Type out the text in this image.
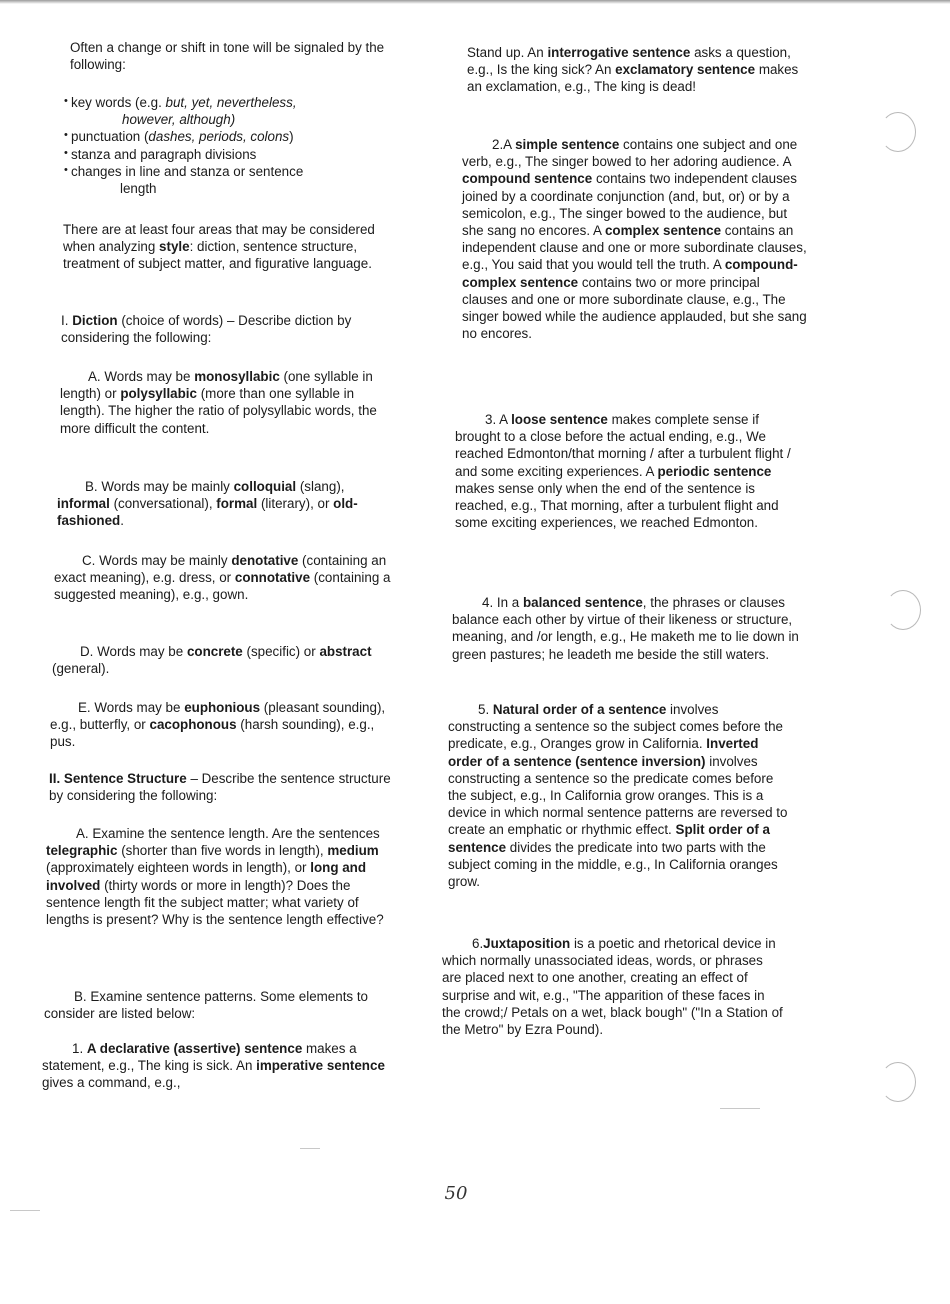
Often a change or shift in tone will be signaled by the following:

• key words (e.g. but, yet, nevertheless,
however, although)
• punctuation (dashes, periods, colons)
• stanza and paragraph divisions
• changes in line and stanza or sentence
length

There are at least four areas that may be considered when analyzing style: diction, sentence structure, treatment of subject matter, and figurative language.

I. Diction (choice of words) – Describe diction by considering the following:

A. Words may be monosyllabic (one syllable in length) or polysyllabic (more than one syllable in length). The higher the ratio of polysyllabic words, the more difficult the content.

B. Words may be mainly colloquial (slang), informal (conversational), formal (literary), or old-fashioned.

C. Words may be mainly denotative (containing an exact meaning), e.g. dress, or connotative (containing a suggested meaning), e.g., gown.

D. Words may be concrete (specific) or abstract (general).

E. Words may be euphonious (pleasant sounding), e.g., butterfly, or cacophonous (harsh sounding), e.g., pus.

II. Sentence Structure – Describe the sentence structure by considering the following:

A. Examine the sentence length. Are the sentences telegraphic (shorter than five words in length), medium (approximately eighteen words in length), or long and involved (thirty words or more in length)? Does the sentence length fit the subject matter; what variety of lengths is present? Why is the sentence length effective?

B. Examine sentence patterns. Some elements to consider are listed below:

1. A declarative (assertive) sentence makes a statement, e.g., The king is sick. An imperative sentence gives a command, e.g.,

Stand up. An interrogative sentence asks a question, e.g., Is the king sick? An exclamatory sentence makes an exclamation, e.g., The king is dead!

2.A simple sentence contains one subject and one verb, e.g., The singer bowed to her adoring audience. A compound sentence contains two independent clauses joined by a coordinate conjunction (and, but, or) or by a semicolon, e.g., The singer bowed to the audience, but she sang no encores. A complex sentence contains an independent clause and one or more subordinate clauses, e.g., You said that you would tell the truth. A compound-complex sentence contains two or more principal clauses and one or more subordinate clause, e.g., The singer bowed while the audience applauded, but she sang no encores.

3. A loose sentence makes complete sense if brought to a close before the actual ending, e.g., We reached Edmonton/that morning / after a turbulent flight / and some exciting experiences. A periodic sentence makes sense only when the end of the sentence is reached, e.g., That morning, after a turbulent flight and some exciting experiences, we reached Edmonton.

4. In a balanced sentence, the phrases or clauses balance each other by virtue of their likeness or structure, meaning, and /or length, e.g., He maketh me to lie down in green pastures; he leadeth me beside the still waters.

5. Natural order of a sentence involves constructing a sentence so the subject comes before the predicate, e.g., Oranges grow in California. Inverted order of a sentence (sentence inversion) involves constructing a sentence so the predicate comes before the subject, e.g., In California grow oranges. This is a device in which normal sentence patterns are reversed to create an emphatic or rhythmic effect. Split order of a sentence divides the predicate into two parts with the subject coming in the middle, e.g., In California oranges grow.

6.Juxtaposition is a poetic and rhetorical device in which normally unassociated ideas, words, or phrases are placed next to one another, creating an effect of surprise and wit, e.g., "The apparition of these faces in the crowd;/ Petals on a wet, black bough" ("In a Station of the Metro" by Ezra Pound).

50
